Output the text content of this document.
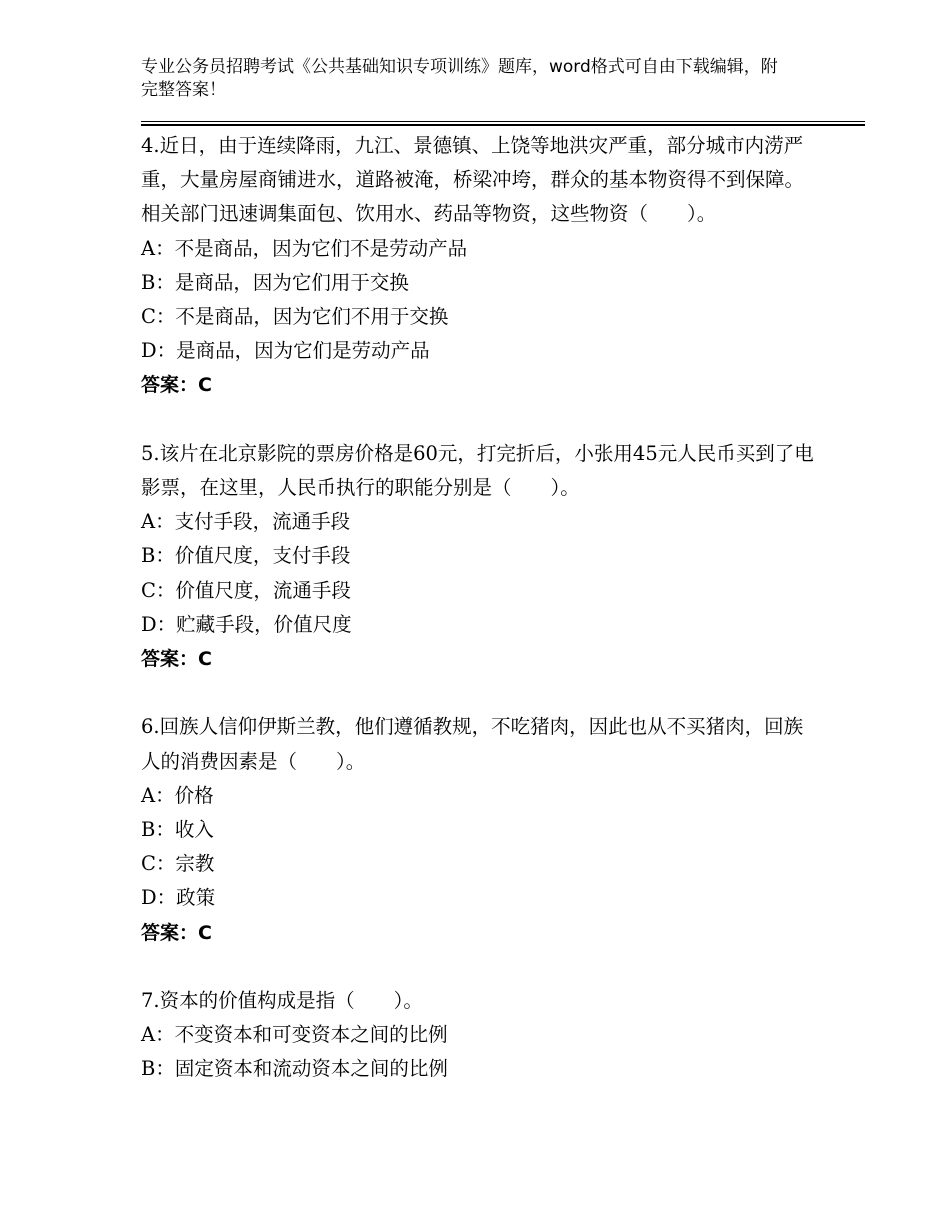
专业公务员招聘考试《公共基础知识专项训练》题库，word格式可自由下载编辑，附完整答案！

4.近日，由于连续降雨，九江、景德镇、上饶等地洪灾严重，部分城市内涝严重，大量房屋商铺进水，道路被淹，桥梁冲垮，群众的基本物资得不到保障。相关部门迅速调集面包、饮用水、药品等物资，这些物资（　　）。

A：不是商品，因为它们不是劳动产品

B：是商品，因为它们用于交换

C：不是商品，因为它们不用于交换

D：是商品，因为它们是劳动产品

答案：C

5.该片在北京影院的票房价格是60元，打完折后，小张用45元人民币买到了电影票，在这里，人民币执行的职能分别是（　　）。

A：支付手段，流通手段

B：价值尺度，支付手段

C：价值尺度，流通手段

D：贮藏手段，价值尺度

答案：C

6.回族人信仰伊斯兰教，他们遵循教规，不吃猪肉，因此也从不买猪肉，回族人的消费因素是（　　）。

A：价格

B：收入

C：宗教

D：政策

答案：C

7.资本的价值构成是指（　　）。

A：不变资本和可变资本之间的比例

B：固定资本和流动资本之间的比例
